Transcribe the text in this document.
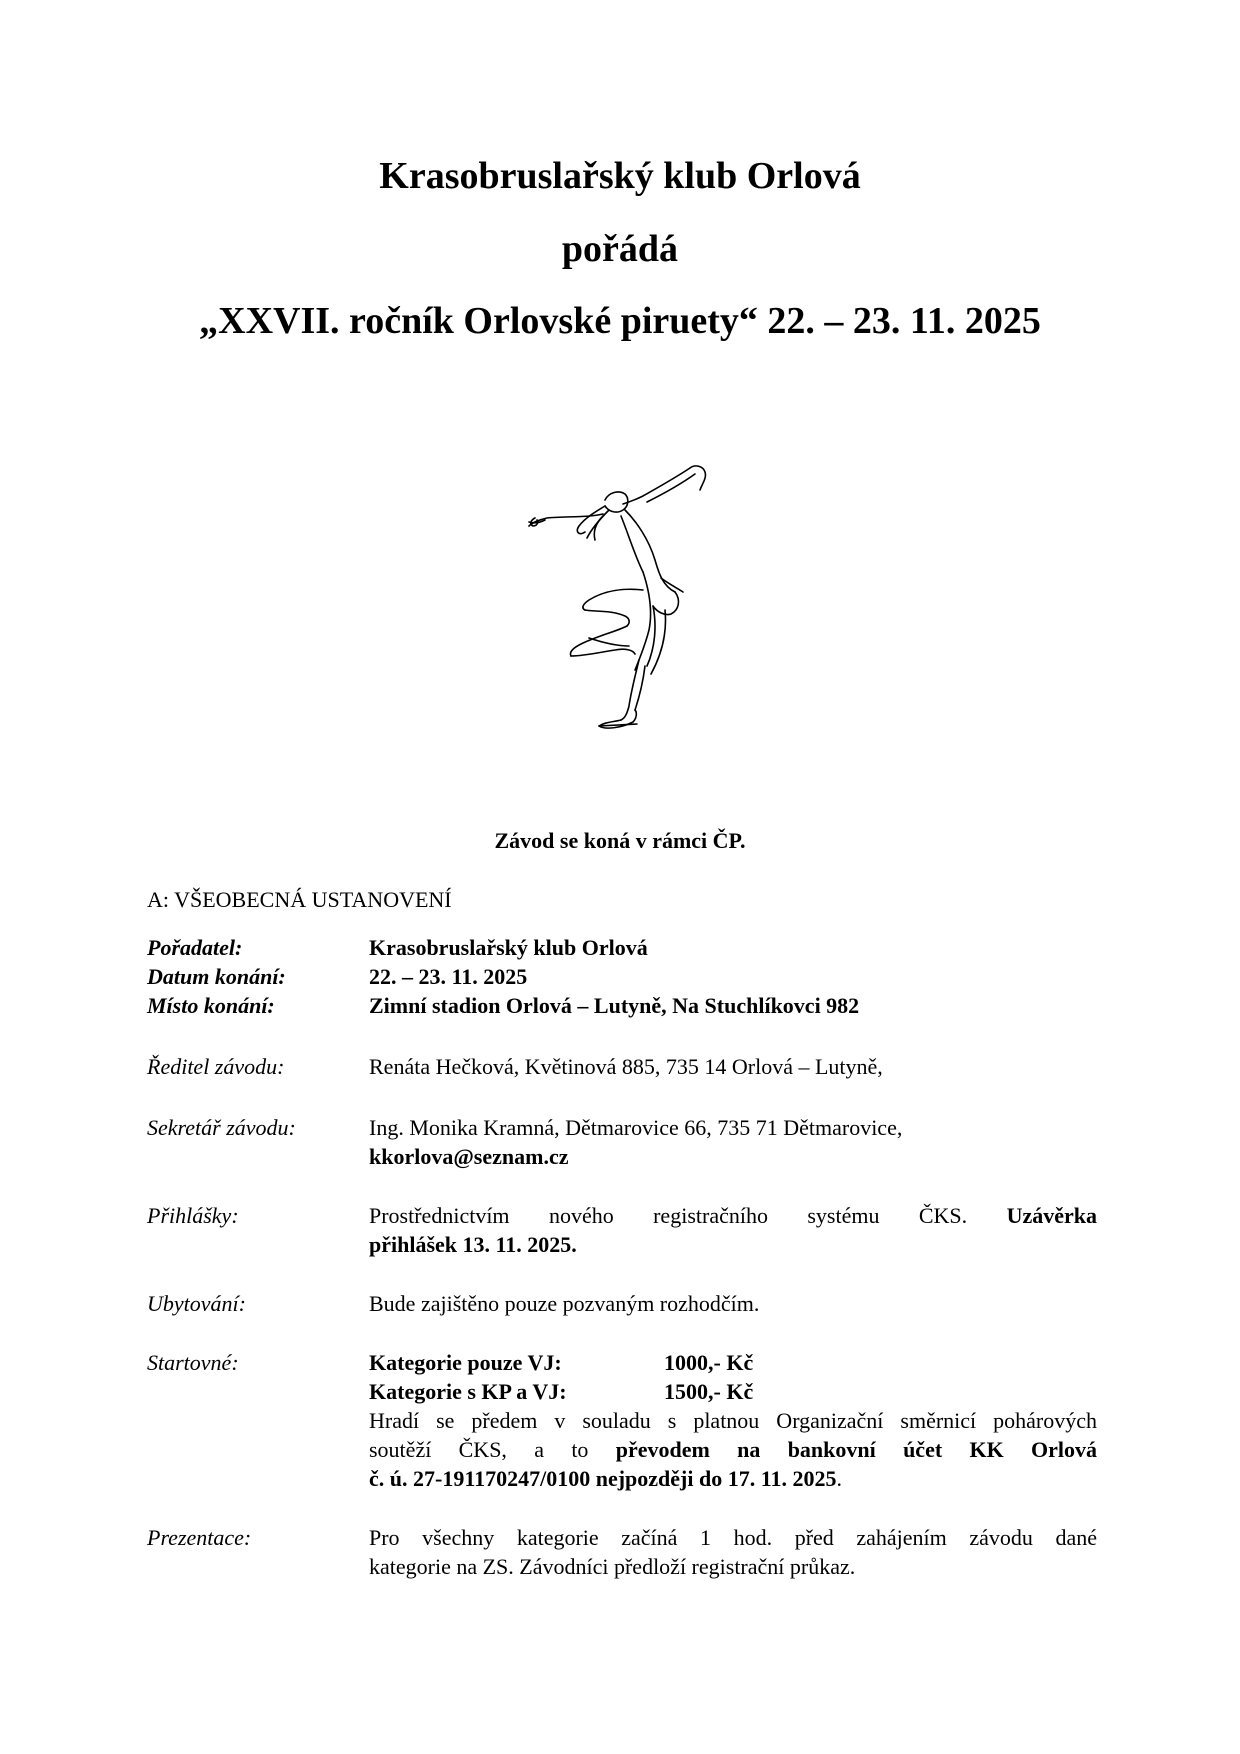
Krasobruslařský klub Orlová
pořádá
„XXVII. ročník Orlovské piruety“ 22. – 23. 11. 2025
Závod se koná v rámci ČP.
A: VŠEOBECNÁ USTANOVENÍ
Pořadatel:	Krasobruslařský klub Orlová
Datum konání:	22. – 23. 11. 2025
Místo konání:	Zimní stadion Orlová – Lutyně, Na Stuchlíkovci 982
Ředitel závodu:	Renáta Hečková, Květinová 885, 735 14 Orlová – Lutyně,
Sekretář závodu:	Ing. Monika Kramná, Dětmarovice 66, 735 71 Dětmarovice,
kkorlova@seznam.cz
Přihlášky:	Prostřednictvím nového registračního systému ČKS. Uzávěrka
přihlášek 13. 11. 2025.
Ubytování:	Bude zajištěno pouze pozvaným rozhodčím.
Startovné:	Kategorie pouze VJ:	1000,- Kč
Kategorie s KP a VJ:	1500,- Kč
Hradí se předem v souladu s platnou Organizační směrnicí pohárových
soutěží ČKS, a to převodem na bankovní účet KK Orlová
č. ú. 27-191170247/0100 nejpozději do 17. 11. 2025.
Prezentace:	Pro všechny kategorie začíná 1 hod. před zahájením závodu dané
kategorie na ZS. Závodníci předloží registrační průkaz.
